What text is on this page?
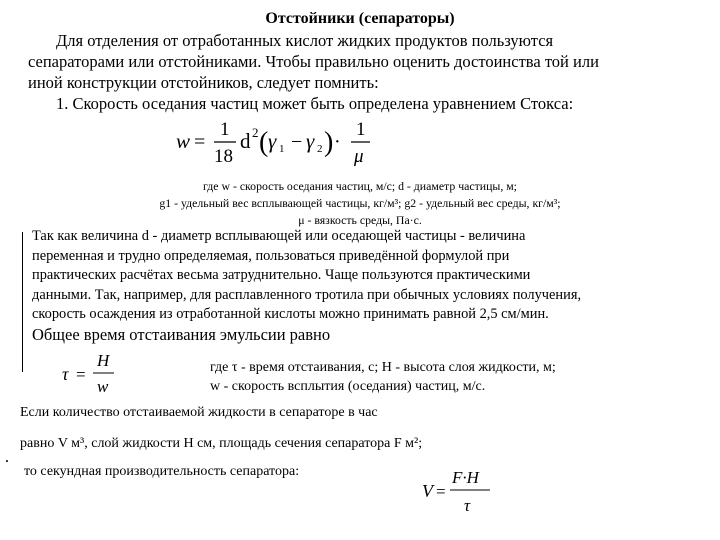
Отстойники (сепараторы)
Для отделения от отработанных кислот жидких продуктов пользуются
сепараторами или отстойниками. Чтобы правильно оценить достоинства той или
иной конструкции отстойников, следует помнить:
1. Скорость оседания частиц может быть определена уравнением Стокса:
w =
1
18
d 2 ( γ 1 − γ 2 ) ·
1
μ
где w - скорость оседания частиц, м/с; d - диаметр частицы, м;
g1 - удельный вес всплывающей частицы, кг/м³; g2 - удельный вес среды, кг/м³;
μ - вязкость среды, Па·с.
Так как величина d - диаметр всплывающей или оседающей частицы - величина
переменная и трудно определяемая, пользоваться приведённой формулой при
практических расчётах весьма затруднительно. Чаще пользуются практическими
данными. Так, например, для расплавленного тротила при обычных условиях получения,
скорость осаждения из отработанной кислоты можно принимать равной 2,5 см/мин.
Общее время отстаивания эмульсии равно
τ =
H
w
где τ - время отстаивания, с; H - высота слоя жидкости, м;
w - скорость всплытия (оседания) частиц, м/с.
Если количество отстаиваемой жидкости в сепараторе в час
равно V м³, слой жидкости H см, площадь сечения сепаратора F м²;
то секундная производительность сепаратора:
V =
F·H
τ
